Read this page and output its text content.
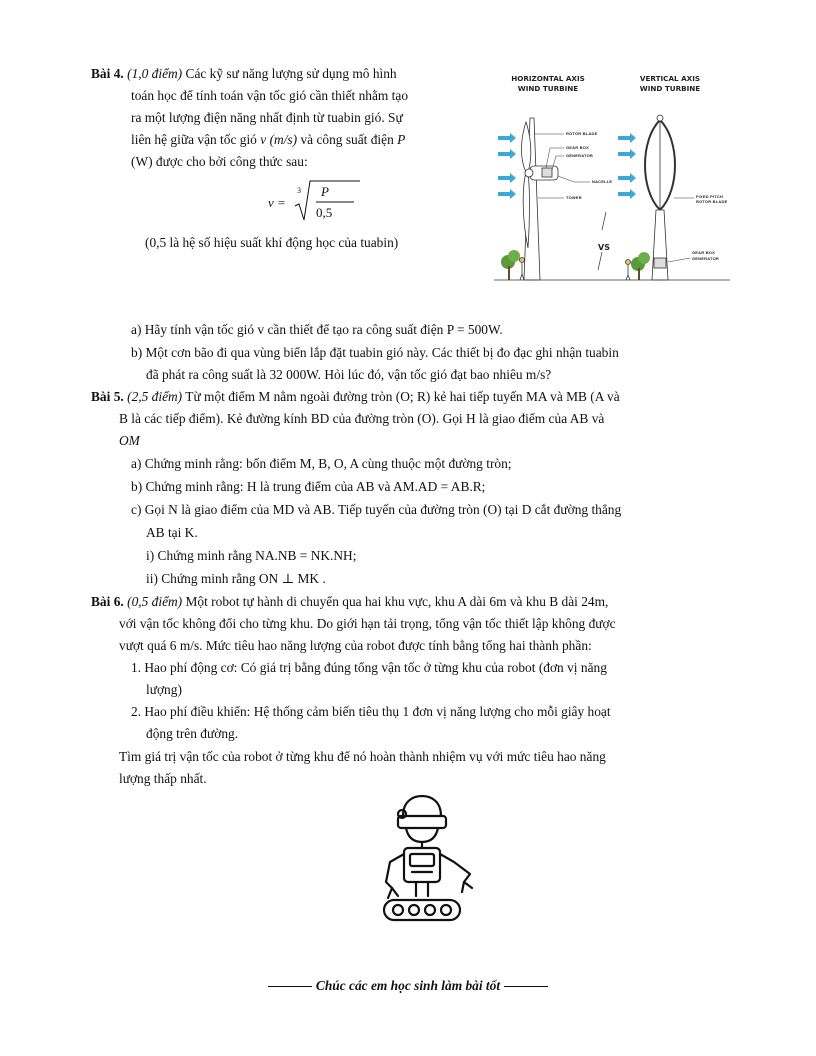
Bài 4. (1,0 điểm) Các kỹ sư năng lượng sử dụng mô hình
toán học để tính toán vận tốc gió cần thiết nhằm tạo
ra một lượng điện năng nhất định từ tuabin gió. Sự
liên hệ giữa vận tốc gió v (m/s) và công suất điện P
(W) được cho bởi công thức sau:
v =
3 P
0,5
(0,5 là hệ số hiệu suất khí động học của tuabin)
HORIZONTAL AXIS
WIND TURBINE
VERTICAL AXIS
WIND TURBINE
VS
ROTOR BLADE
GEAR BOX
GENERATOR
NACELLE
TOWER	FIXED PITCH
ROTOR BLADE
GEAR BOX
GENERATOR
a) Hãy tính vận tốc gió v cần thiết để tạo ra công suất điện P = 500W.
b) Một cơn bão đi qua vùng biển lắp đặt tuabin gió này. Các thiết bị đo đạc ghi nhận tuabin
đã phát ra công suất là 32 000W. Hỏi lúc đó, vận tốc gió đạt bao nhiêu m/s?
Bài 5. (2,5 điểm) Từ một điểm M nằm ngoài đường tròn (O; R) kẻ hai tiếp tuyến MA và MB (A và
B là các tiếp điểm). Kẻ đường kính BD của đường tròn (O). Gọi H là giao điểm của AB và
OM
a) Chứng minh rằng: bốn điểm M, B, O, A cùng thuộc một đường tròn;
b) Chứng minh rằng: H là trung điểm của AB và AM.AD = AB.R;
c) Gọi N là giao điểm của MD và AB. Tiếp tuyến của đường tròn (O) tại D cắt đường thẳng
AB tại K.
i) Chứng minh rằng NA.NB = NK.NH;
ii) Chứng minh rằng ON ⊥ MK .
Bài 6. (0,5 điểm) Một robot tự hành di chuyển qua hai khu vực, khu A dài 6m và khu B dài 24m,
với vận tốc không đổi cho từng khu. Do giới hạn tải trọng, tổng vận tốc thiết lập không được
vượt quá 6 m/s. Mức tiêu hao năng lượng của robot được tính bằng tổng hai thành phần:
1. Hao phí động cơ: Có giá trị bằng đúng tổng vận tốc ở từng khu của robot (đơn vị năng
lượng)
2. Hao phí điều khiển: Hệ thống cảm biến tiêu thụ 1 đơn vị năng lượng cho mỗi giây hoạt
động trên đường.
Tìm giá trị vận tốc của robot ở từng khu để nó hoàn thành nhiệm vụ với mức tiêu hao năng
lượng thấp nhất.
Chúc các em học sinh làm bài tốt
